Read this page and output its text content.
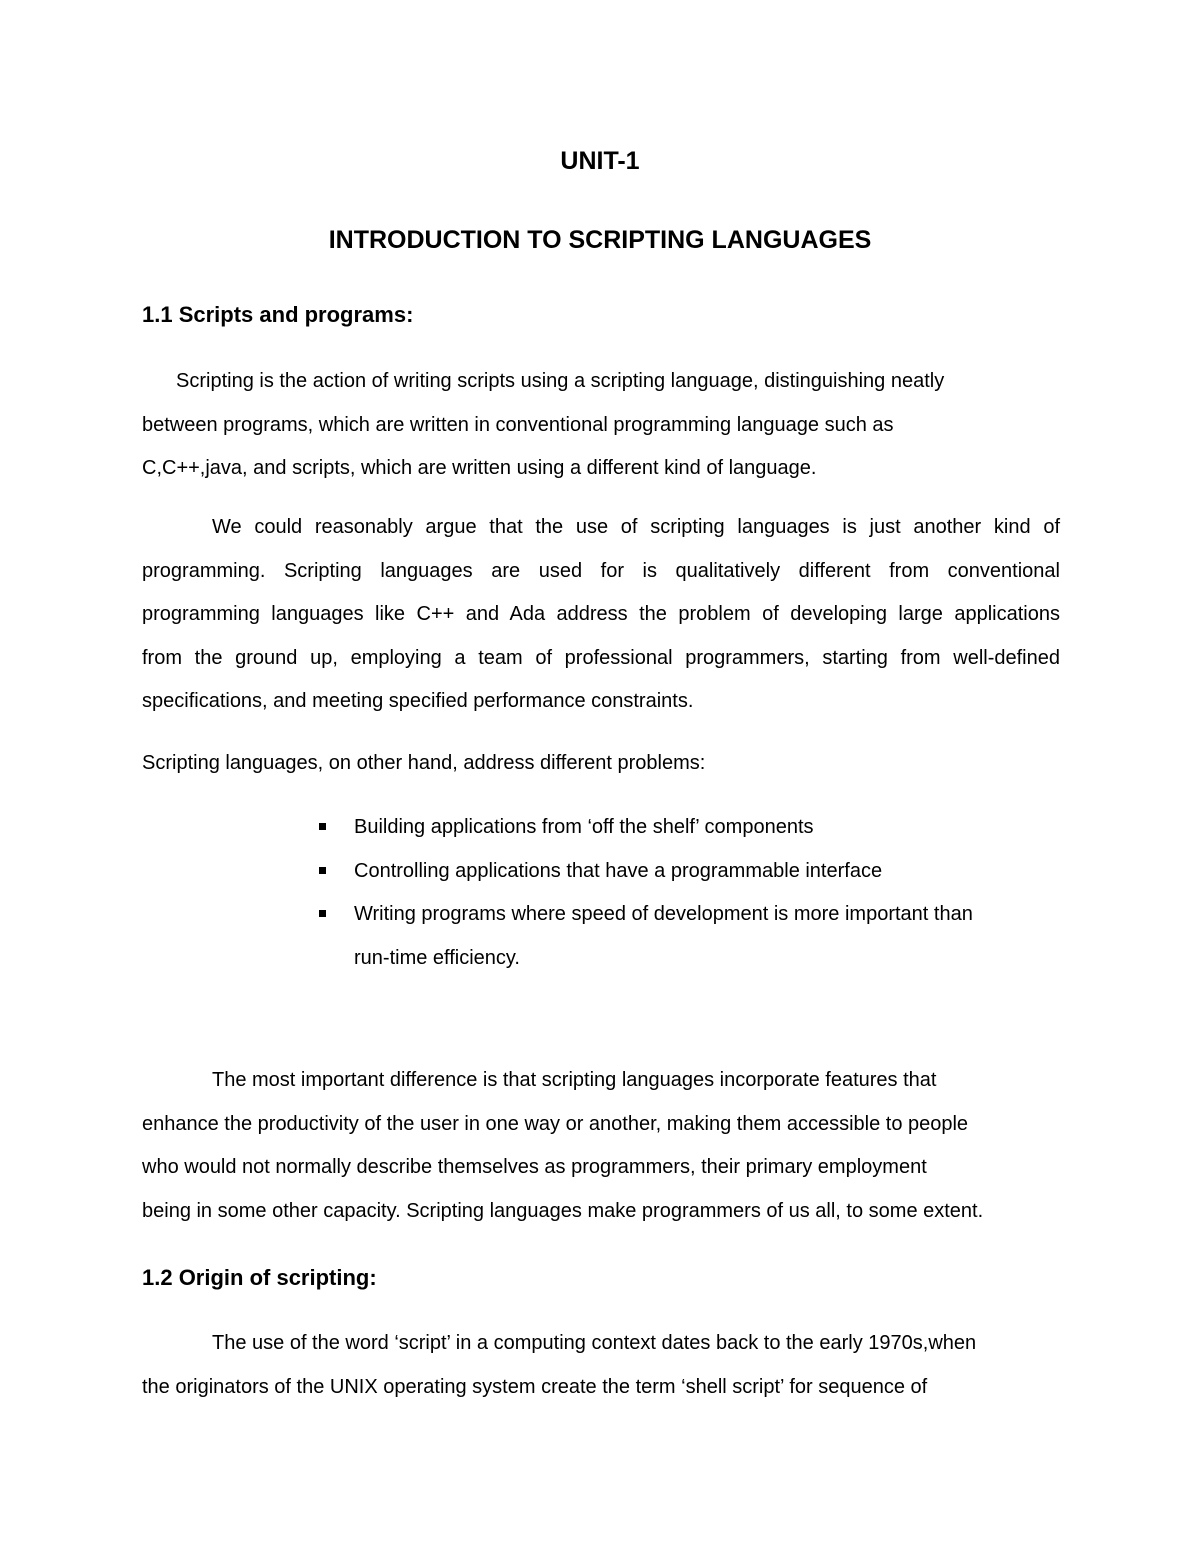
UNIT-1
INTRODUCTION TO SCRIPTING LANGUAGES
1.1 Scripts and programs:

Scripting is the action of writing scripts using a scripting language, distinguishing neatly
between programs, which are written in conventional programming language such as
C,C++,java, and scripts, which are written using a different kind of language.

We could reasonably argue that the use of scripting languages is just another kind of
programming. Scripting languages are used for is qualitatively different from conventional
programming languages like C++ and Ada address the problem of developing large applications
from the ground up, employing a team of professional programmers, starting from well-defined
specifications, and meeting specified performance constraints.

Scripting languages, on other hand, address different problems:

Building applications from ‘off the shelf’ components
Controlling applications that have a programmable interface
Writing programs where speed of development is more important than
run-time efficiency.

The most important difference is that scripting languages incorporate features that
enhance the productivity of the user in one way or another, making them accessible to people
who would not normally describe themselves as programmers, their primary employment
being in some other capacity. Scripting languages make programmers of us all, to some extent.

1.2 Origin of scripting:

The use of the word ‘script’ in a computing context dates back to the early 1970s,when
the originators of the UNIX operating system create the term ‘shell script’ for sequence of
